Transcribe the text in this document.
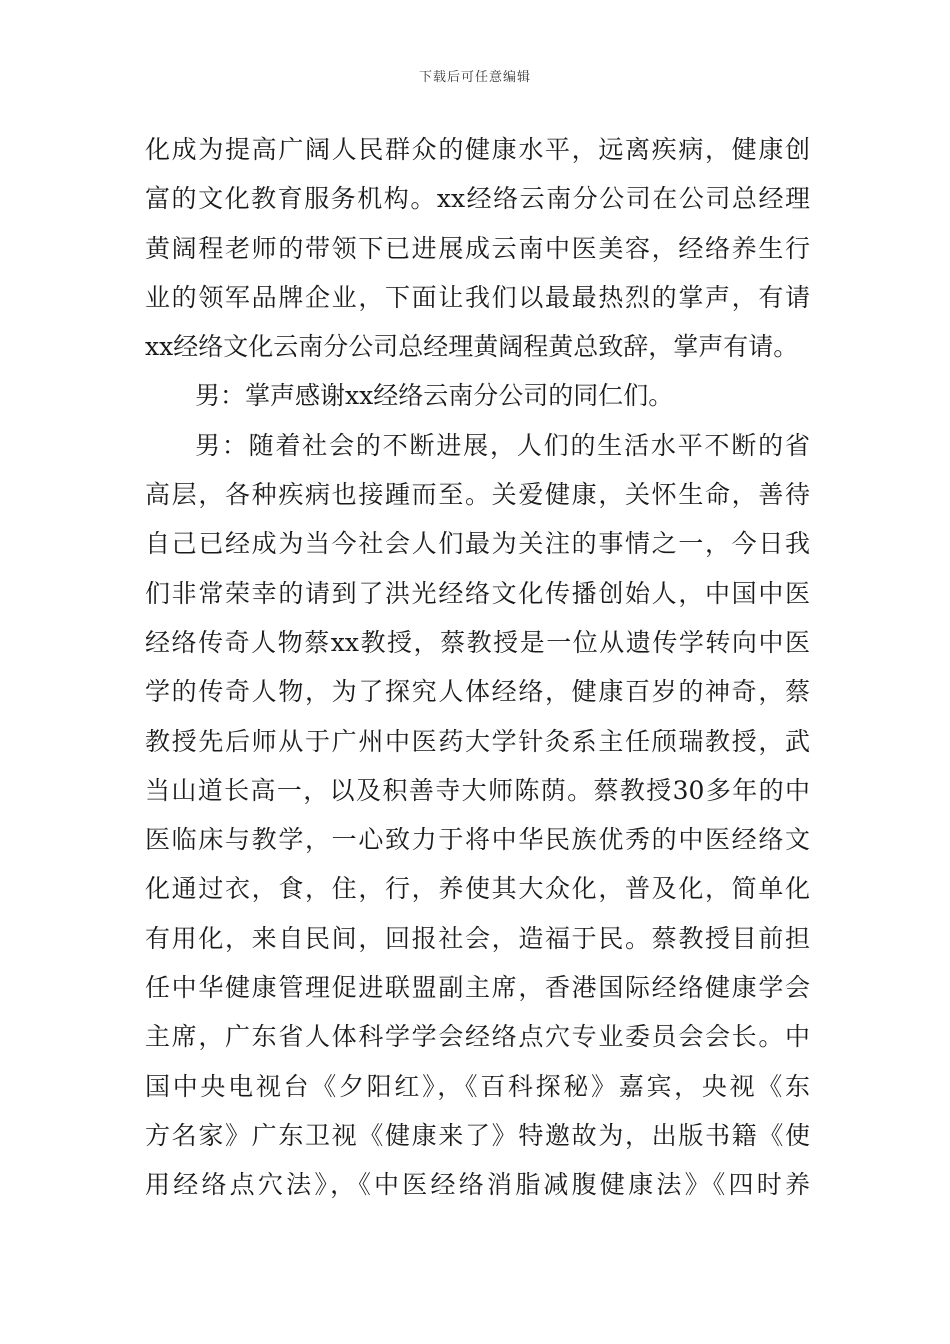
下载后可任意编辑
化成为提高广阔人民群众的健康水平，远离疾病，健康创
富的文化教育服务机构。xx经络云南分公司在公司总经理
黄阔程老师的带领下已进展成云南中医美容，经络养生行
业的领军品牌企业，下面让我们以最最热烈的掌声，有请
xx经络文化云南分公司总经理黄阔程黄总致辞，掌声有请。
男：掌声感谢xx经络云南分公司的同仁们。
男：随着社会的不断进展，人们的生活水平不断的省
高层，各种疾病也接踵而至。关爱健康，关怀生命，善待
自己已经成为当今社会人们最为关注的事情之一，今日我
们非常荣幸的请到了洪光经络文化传播创始人，中国中医
经络传奇人物蔡xx教授，蔡教授是一位从遗传学转向中医
学的传奇人物，为了探究人体经络，健康百岁的神奇，蔡
教授先后师从于广州中医药大学针灸系主任颀瑞教授，武
当山道长高一，以及积善寺大师陈荫。蔡教授30多年的中
医临床与教学，一心致力于将中华民族优秀的中医经络文
化通过衣，食，住，行，养使其大众化，普及化，简单化
有用化，来自民间，回报社会，造福于民。蔡教授目前担
任中华健康管理促进联盟副主席，香港国际经络健康学会
主席，广东省人体科学学会经络点穴专业委员会会长。中
国中央电视台《夕阳红》，《百科探秘》嘉宾，央视《东
方名家》广东卫视《健康来了》特邀故为，出版书籍《使
用经络点穴法》，《中医经络消脂减腹健康法》《四时养
